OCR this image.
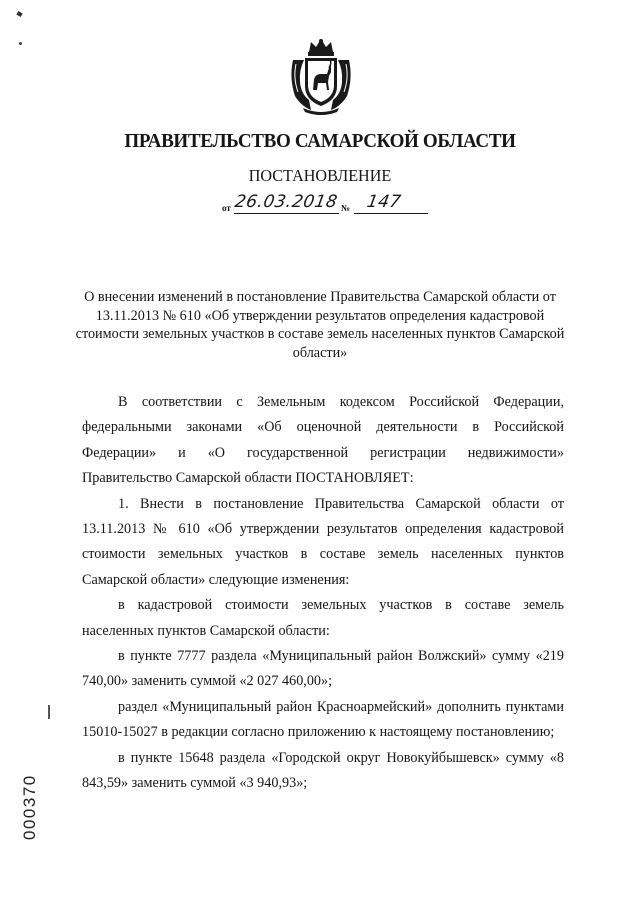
ПРАВИТЕЛЬСТВО САМАРСКОЙ ОБЛАСТИ
ПОСТАНОВЛЕНИЕ
от 26.03.2018 № 147
О внесении изменений в постановление Правительства Самарской области от 13.11.2013 № 610 «Об утверждении результатов определения кадастровой стоимости земельных участков в составе земель населенных пунктов Самарской области»

В соответствии с Земельным кодексом Российской Федерации, федеральными законами «Об оценочной деятельности в Российской Федерации» и «О государственной регистрации недвижимости» Правительство Самарской области ПОСТАНОВЛЯЕТ:

1. Внести в постановление Правительства Самарской области от 13.11.2013 № 610 «Об утверждении результатов определения кадастровой стоимости земельных участков в составе земель населенных пунктов Самарской области» следующие изменения:

в кадастровой стоимости земельных участков в составе земель населенных пунктов Самарской области:

в пункте 7777 раздела «Муниципальный район Волжский» сумму «219 740,00» заменить суммой «2 027 460,00»;

раздел «Муниципальный район Красноармейский» дополнить пунктами 15010-15027 в редакции согласно приложению к настоящему постановлению;

в пункте 15648 раздела «Городской округ Новокуйбышевск» сумму «8 843,59» заменить суммой «3 940,93»;

000370
